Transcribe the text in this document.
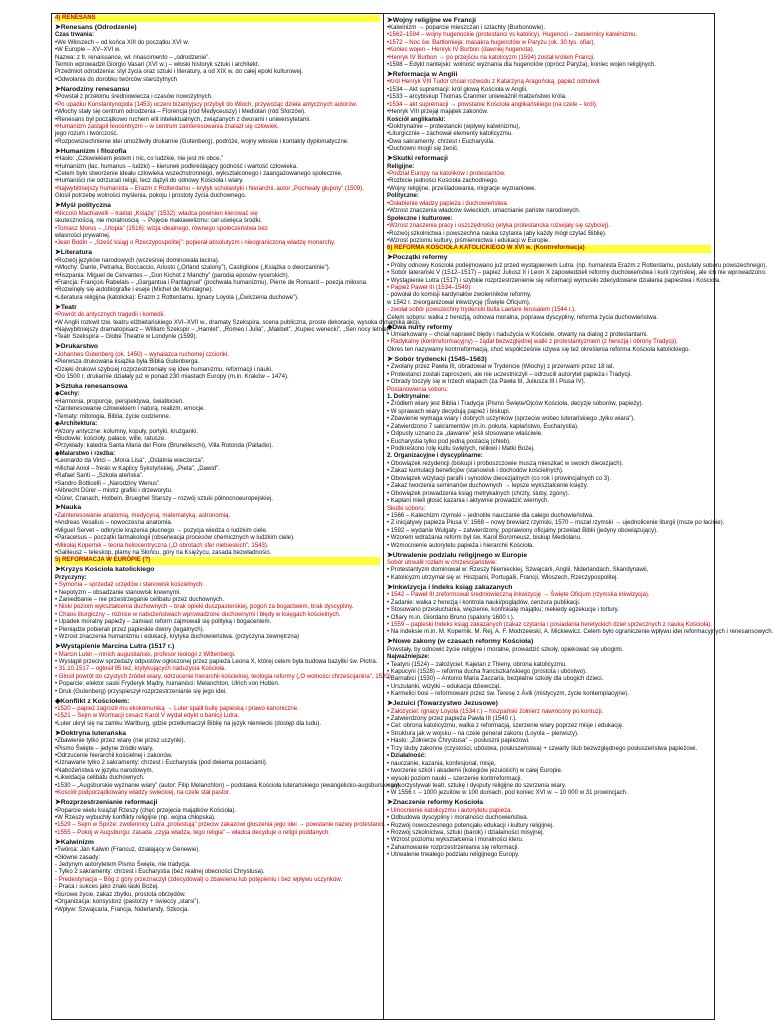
4) RENESANS

➤Renesans (Odrodzenie)

Czas trwania:

•We Włoszech – od końca XIII do początku XVI w.

•W Europie – XV–XVI w.

Nazwa: z fr. renaissance, wł. rinascimento – „odrodzenie”.

Termin wprowadził Giorgio Vasari (XVI w.) – włoski historyk sztuki i architekt.

Przedmiot odrodzenia: styl życia oraz sztuki i literatury, a od XIX w. do całej epoki kulturowej.

•Odwołania do dorobku twórców starożytnych

➤Narodziny renesansu

•Powstał z przełomu średniowiecza i czasów nowożytnych.

•Po upadku Konstantynopola (1453) uczeni bizantyjscy przybyli do Włoch, przywożąc dzieła antycznych autorów.

•Włochy stały się centrum odrodzenia – Florencja (ród Medyceuszy) i Mediolan (ród Sforzów).

•Renesans był początkowo ruchem elit intelektualnych, związanych z dworami i uniwersytetami.

•Humanizm zastąpił teocentryzm – w centrum zainteresowania znalazł się człowiek,

jego rozum i twórczość.

•Rozpowszechnienie idei umożliwiły drukarnie (Gutenberg), podróże, wojny włoskie i kontakty dyplomatyczne.

➤Humanizm i filozofia

•Hasło: „Człowiekiem jestem i nic, co ludzkie, nie jest mi obce.”

•Humanizm (łac. humanus – ludzki) – kierunek podkreślający godność i wartość człowieka.

•Celem było stworzenie ideału człowieka wszechstronnego, wykształconego i zaangażowanego społecznie.

•Humaniści nie odrzucali religii, lecz dążyli do odnowy Kościoła i wiary.

•Najwybitniejszy humanista – Erazm z Rotterdamu – krytyk scholastyki i hierarchii, autor „Pochwały głupoty” (1509).

Głosił potrzebę wolności myślenia, pokoju i prostoty życia duchownego.

➤Myśl polityczna

•Niccolò Machiavelli – traktat „Książę” (1532); władca powinien kierować się

skutecznością, nie moralnością → Pojęcie makiawelizmu: cel uświęca środki.

•Tomasz Morus – „Utopia” (1516): wizja idealnego, równego społeczeństwa bez

własności prywatnej.

•Jean Bodin – „Sześć ksiąg o Rzeczypospolitej”: popierał absolutyzm i nieograniczoną władzę monarchy.

➤Literatura

•Rozwój języków narodowych (wcześniej dominowała łacina).

•Włochy: Dante, Petrarka, Boccaccio, Ariosto („Orland szalony”), Castiglione („Książka o dworzaninie”).

•Hiszpania: Miguel de Cervantes – „Don Kichot z Manchy” (parodia eposów rycerskich).

•Francja: François Rabelais – „Gargantua i Pantagruel” (pochwała humanizmu), Pierre de Ronsard – poezja miłosna.

•Rozwinęły się autobiografie i eseje (Michel de Montaigne).

•Literatura religijna (katolicka): Erazm z Rotterdamu, Ignacy Loyola („Ćwiczenia duchowe”).

➤Teatr

•Powrót do antycznych tragedii i komedii.

•W Anglii rozkwit tzw. teatru elżbietańskiego XVI–XVII w., dramaty Szekspira, scena publiczna, proste dekoracje, wysoka dynamika akcji.

•Najwybitniejszy dramatopisarz – William Szekspir – „Hamlet”, „Romeo i Julia”, „Makbet”, „Kupiec wenecki”, „Sen nocy letniej”.

•Teatr Szekspira – Globe Theatre w Londynie (1599).

➤Drukarstwo

•Johannes Gutenberg (ok. 1450) – wynalazca ruchomej czcionki.

•Pierwsza drukowana książka była Biblia Gutenberga.

•Dzięki drukowi szybciej rozprzestrzeniały się idee humanizmu, reformacji i nauki.

•Do 1500 r. drukarnie działały już w ponad 230 miastach Europy (m.in. Kraków – 1474).

➤Sztuka renesansowa

◆Cechy:

•Harmonia, proporcje, perspektywa, światłocień.

•Zainteresowanie człowiekiem i naturą, realizm, emocje.

•Tematy: mitologia, Biblia, życie codzienne.

◆Architektura:

•Wzory antyczne: kolumny, kopuły, portyki, krużganki.

•Budowle: kościoły, pałace, wille, ratusze.

•Przykłady: katedra Santa Maria del Fiore (Brunelleschi), Villa Rotonda (Palladio).

◆Malarstwo i rzeźba:

•Leonardo da Vinci – „Mona Lisa”, „Ostatnia wieczerza”.

•Michał Anioł – freski w Kaplicy Sykstyńskiej, „Pieta”, „Dawid”.

•Rafael Santi – „Szkoła ateńska”.

•Sandro Botticelli – „Narodziny Wenus”.

•Albrecht Dürer – mistrz grafiki i drzeworytu.

•Dürer, Cranach, Holbein, Brueghel Starszy – rozwój sztuki północnoeuropejskiej.

➤Nauka

•Zainteresowanie anatomią, medycyną, matematyką, astronomią.

•Andreas Vesalius – nowoczesna anatomia.

•Miguel Servet – odkrycie krążenia płucnego → pozycja wiedza o ludzkim ciele.

•Paracelsus – początki farmakologii (obserwacja procesów chemicznych w ludzkim ciele).

•Mikołaj Kopernik – teoria heliocentryczna („O obrotach sfer niebieskich”, 1543).

•Galileusz – teleskop, plamy na Słońcu, góry na Księżycu, zasada bezwładności.

5) REFORMACJA W EUROPIE (?)

➤Kryzys Kościoła katolickiego

Przyczyny:

• Symonia – sprzedaż urzędów i stanowisk kościelnych.

• Nepotyzm – obsadzanie stanowisk krewnymi.

• Zaniedbanie – nie przestrzeganie celibatu przez duchownych.

• Niski poziom wykształcenia duchownych – brak opieki duszpasterskiej, pogoń za bogactwem, brak dyscypliny.

• Chaos liturgiczny – różnice w nabożeństwach wprowadzone duchownymi i błędy w księgach kościelnych.

• Upadek moralny papieży – zamiast reform zajmowali się polityką i bogaceniem.

• Pieniądze pobierali przez papieskie dwory (legalnych).

• Wzrost znaczenia humanizmu i edukacji, krytyka duchowieństwa. (przyczyna zewnętrzna)

➤Wystąpienie Marcina Lutra (1517 r.)

• Marcin Luter – mnich augustiański, profesor teologii z Wittenbergi.

• Wystąpił przeciw sprzedaży odpustów ogłoszonej przez papieża Leona X, której celem była budowa bazyliki św. Piotra.

• 31.10.1517 – ogłosił 95 tez, krytykujących nadużycia Kościoła.

• Głosił powrót do czystych źródeł wiary, odrzucenie hierarchii kościelnej, teologia reformy („O wolności chrześcijanina”, 1520).

• Poparcie: elektor saski Fryderyk Mądry, humaniści: Melanchton, Ulrich von Hutten.

• Druk (Gutenberg) przyspieszył rozprzestrzenianie się jego idei.

◆Konflikt z Kościołem:

•1520 – papież zagroził mu ekskomuniką → Luter spalił bullę papieską i prawo kanoniczne.

•1521 – Sejm w Wormacji cesarz Karol V wydał edykt o banicji Lutra.

•Luter ukrył się na zamku Wartburg, gdzie przetłumaczył Biblię na język niemiecki (dostęp dla ludu).

➤Doktryna luterańska

•Zbawienie tylko przez wiarę (nie przez uczynki).

•Pismo Święte – jedyne źródło wiary.

•Odrzucenie hierarchii kościelnej i zakonów.

•Uznawane tylko 2 sakramenty: chrzest i Eucharystia (pod dwiema postaciami).

•Nabożeństwa w języku narodowym.

•Likwidacja celibatu duchownych.

•1530 – „Augsburskie wyznanie wiary” (autor: Filip Melanchton) – podstawa Kościoła luterańskiego (ewangelicko-augsburskiego).

•Kościół podporządkowany władzy świeckiej, na czele stał pastor.

➤Rozprzestrzenianie reformacji

•Poparcie wielu książąt Rzeszy (chęć przejęcia majątków Kościoła).

•W Rzeszy wybuchły konflikty religijne (np. wojna chłopska).

•1529 – Sejm w Spirze: zwolennicy Lutra „protestują” przeciw zakazowi głoszenia jego idei → powstanie nazwy protestanci.

•1555 – Pokój w Augsburgu: zasada „czyja władza, tego religia” – władca decyduje o religii poddanych.

➤Kalwinizm

•Twórca: Jan Kalwin (Francuz, działający w Genewie).

•Główne zasady:

- Jedynym autorytetem Pismo Święte, nie tradycja.

- Tylko 2 sakramenty: chrzest i Eucharystia (bez realnej obecności Chrystusa).

- Predestynacja – Bóg z góry przeznaczył (zdecydował) o zbawieniu lub potępieniu i bez wpływu uczynków.

- Praca i sukces jako znaki łaski Bożej.

•Surowe życie, zakaz zbytku, prostota obrzędów.

•Organizacja: konsystorz (pastorzy + świeccy „starsi”).

•Wpływ: Szwajcaria, Francja, Niderlandy, Szkocja.

➤Wojny religijne we Francji

•Kalwinizm → poparcie mieszczan i szlachty (Burbonowie).

•1562–1594 – wojny hugenockie (protestanci vs katolicy). Hugenoci – zwolennicy kalwinizmu.

•1572 – Noc św. Bartłomieja: masakra hugenotów w Paryżu (ok. 30 tys. ofiar).

•Koniec wojen – Henryk IV Burbon (dawniej hugenota).

•Henryk IV Burbon → po przejściu na katolicyzm (1594) został królem Francji.

•1598 – Edykt nantejski: wolność wyznania dla hugenotów (oprócz Paryża), koniec wojen religijnych.

➤Reformacja w Anglii

•Król Henryk VIII Tudor chciał rozwodu z Katarzyną Aragońską, papież odmówił.

•1534 – Akt supremacji: król głową Kościoła w Anglii.

•1533 – arcybiskup Thomas Cranmer unieważnił małżeństwo króla.

•1534 – akt supremacji → powstanie Kościoła anglikańskiego (na czele – król).

•Henryk VIII przejął majątek zakonów.

Kościół anglikański:

•Doktrynalnie – protestancki (wpływy kalwinizmu),

•Liturgicznie – zachował elementy katolicyzmu.

•Dwa sakramenty: chrzest i Eucharystia.

•Duchowni mogli się żenić.

➤Skutki reformacji

Religijne:

•Podział Europy na katolików i protestantów.

•Rozbicie jedności Kościoła zachodniego.

•Wojny religijne, prześladowania, migracje wyznaniowe.

Polityczne:

•Osłabienie władzy papieża i duchowieństwa.

•Wzrost znaczenia władców świeckich, umacnianie państw narodowych.

Społeczne i kulturowe:

•Wzrost znaczenia pracy i oszczędności (etyka protestancka rozwijały się szybciej).

•Rozwój szkolnictwa i powszechna nauka czytania (aby każdy mógł czytać Biblię).

•Wzrost poziomu kultury, piśmiennictwa i edukacji w Europie.

6) REFORMA KOŚCIOŁA KATOLICKIEGO W XVI w. (Kontrreformacja)

➤Początki reformy

• Próby odnowy Kościoła podejmowano już przed wystąpieniem Lutra. (np. humanista Erazm z Rotterdamu, postulaty soboru powszechnego).

• Sobór laterański V (1512–1517) – papież Juliusz II i Leon X zapowiedzieli reformy duchowieństwa i kurii rzymskiej, ale ich nie wprowadzono.

• Wystąpienie Lutra (1517) i szybkie rozprzestrzenienie się reformacji wymusiło zdecydowane działania papiestwa i Kościoła.

• Papież Paweł III (1534–1549):

- powołał do komisji kardynałów zwolenników reformy,

w 1542 r. zreorganizował inkwizycję (Święte Oficjum),

- zwołał sobór powszechny trydencki bulla Laetare Ierusalem (1544 r.).

Celem soboru: walka z herezją, odnowa moralna, poprawa dyscypliny, reforma życia duchowieństwa.

◆Dwa nurty reformy

• Umiarkowany – chciał naprawić błędy i nadużycia w Kościele, otwarty na dialog z protestantami.

• Radykalny (kontrreformacyjny) – żądał bezwzględnej walki z protestantyzmem (z herezją i obrony Tradycji).

Okres ten nazywamy kontrreformacją, choć współcześnie używa się też określenia reforma Kościoła katolickiego.

➤ Sobór trydencki (1545–1563)

• Zwołany przez Pawła III, obradował w Trydencie (Włochy) z przerwami przez 18 lat.

• Protestanci zostali zaproszeni, ale nie uczestniczyli – odrzucili autorytet papieża i Tradycji.

• Obrady toczyły się w trzech etapach (za Pawła III, Juliusza III i Piusa IV).

Postanowienia soboru:

1. Doktrynalne:

• Źródłem wiary jest Biblia i Tradycja (Pismo Święte/Ojców Kościoła, decyzje soborów, papieży).

• W sprawach wiary decydują papież i biskupi.

• Zbawienie wymaga wiary i dobrych uczynków (sprzeciw wobec luterańskiego „tylko wiara”).

• Zatwierdzono 7 sakramentów (m.in. pokuta, kapłaństwo, Eucharystia).

• Odpusty uznano za „dawanie” jeśli stosowane właściwie.

• Eucharystia tylko pod jedną postacią (chleb).

• Podkreślono rolę kultu świętych, relikwii i Matki Bożej.

2. Organizacyjne i dyscyplinarne:

• Obowiązek rezydencji (biskupi i proboszczowie muszą mieszkać w swoich diecezjach).

• Zakaz kumulacji beneficjów (stanowisk i dochodów kościelnych).

• Obowiązek wizytacji parafii i synodów diecezjalnych (co rok i prowincjalnych co 3).

• Zakaz tworzenia seminariów duchownych → lepsze wykształcenie księży.

• Obowiązek prowadzenia ksiąg metrykalnych (chrzty, śluby, zgony).

• Kapłani mieli głosić kazania i aktywnie prowadzić wiernych.

Skutki soboru:

• 1566 – Katechizm rzymski – jednolite nauczanie dla całego duchowieństwa.

• Z inicjatywy papieża Piusa V: 1568 – nowy brewiarz rzymski, 1570 – mszał rzymski → ujednolicenie liturgii (msze po łacinie).

• 1592 – wydanie Wulgaty – zatwierdzony, poprawiony oficjalny przekład Biblii (jedyny obowiązujący).

• Wzorem wdrażania reform był św. Karol Boromeusz, biskup Mediolanu.

• Wzmocnienie autorytetu papieża i hierarchii Kościoła.

➤Utrwalenie podziału religijnego w Europie

Sobór utrwalił rozłam w chrześcijaństwie:

• Protestantyzm dominował w: Rzeszy Niemieckiej, Szwajcarii, Anglii, Niderlandach, Skandynawii,

• Katolicyzm utrzymał się w: Hiszpanii, Portugalii, Francji, Włoszech, Rzeczypospolitej.

➤Inkwizycja i Indeks ksiąg zakazanych

• 1542 – Paweł III zreformował średniowieczną inkwizycję → Święte Oficjum (rzymska inkwizycja).

• Zadanie: walka z herezją i kontrola nauki/poglądów, cenzura publikacji.

• Stosowano przesłuchania, więzienie, konfiskatę majątku; niekiedy egzekucje i tortury.

• Ofiary m.in. Giordano Bruno (spalony 1600 r.).

• 1559 – papieski Indeks ksiąg zakazanych (zakaz czytania i posiadania heretyckich dzieł sprzecznych z nauką Kościoła).

• Na indeksie m.in. M. Kopernik, M. Rej, A. F. Modrzewski, A. Mickiewicz. Celem było ograniczenie wpływu idei reformacyjnych i renesansowych.

➤Nowe zakony (w czasach reformy Kościoła)

Powstały, by odnowić życie religijne i moralne, prowadzić szkoły, opiekować się ubogimi.

Najważniejsze:

• Teatyni (1524) – założyciel: Kajetan z Thieny, obrona katolicyzmu.

• Kapucyni (1528) – reforma ducha franciszkańskiego (prostota i ubóstwo).

• Barnabici (1530) – Antonio Maria Zaccaria, bezpłatne szkoły dla ubogich dzieci.

• Urszulanki, wizytki – edukacja dziewcząt.

• Karmelici bosi – reformowani przez św. Teresę z Ávili (mistycyzm, życie kontemplacyjne).

➤Jezuici (Towarzystwo Jezusowe)

• Założyciel: Ignacy Loyola (1534 r.) – hiszpański żołnierz nawrócony po kontuzji.

• Zatwierdzony przez papieża Pawła III (1540 r.).

• Cel: obrona katolicyzmu, walka z reformacją, szerzenie wiary poprzez misje i edukację.

• Struktura jak w wojsku – na czele generał zakonu (Loyola – pierwszy).

• Hasło: „Żołnierze Chrystusa” – posłuszni papieżowi.

• Trzy śluby zakonne (czystości, ubóstwa, posłuszeństwa) + czwarty ślub bezwzględnego posłuszeństwa papieżowi.

• Działalność:

• nauczanie, kazania, konfesjonał, misje,

• tworzenie szkół i akademii (kolegiów jezuickich) w całej Europie.

• wysoki poziom nauki – szerzenie kontrreformacji.

• wykorzystywali teatr, sztukę i dysputy religijne do szerzenia wiary.

• W 1556 r. – 1000 jezuitów w 100 domach, pod koniec XVI w. – 10 000 w 31 prowincjach.

➤Znaczenie reformy Kościoła

• Umocnienie katolicyzmu i autorytetu papieża.

• Odbudowa dyscypliny i moralności duchowieństwa.

• Rozwój nowoczesnego potencjału edukacji i kultury religijnej.

• Rozwój szkolnictwa, sztuki (barok) i działalności misyjnej.

• Wzrost poziomu wykształcenia i moralności kleru.

• Zahamowanie rozprzestrzeniania się reformacji.

• Utrwalenie trwałego podziału religijnego Europy.
